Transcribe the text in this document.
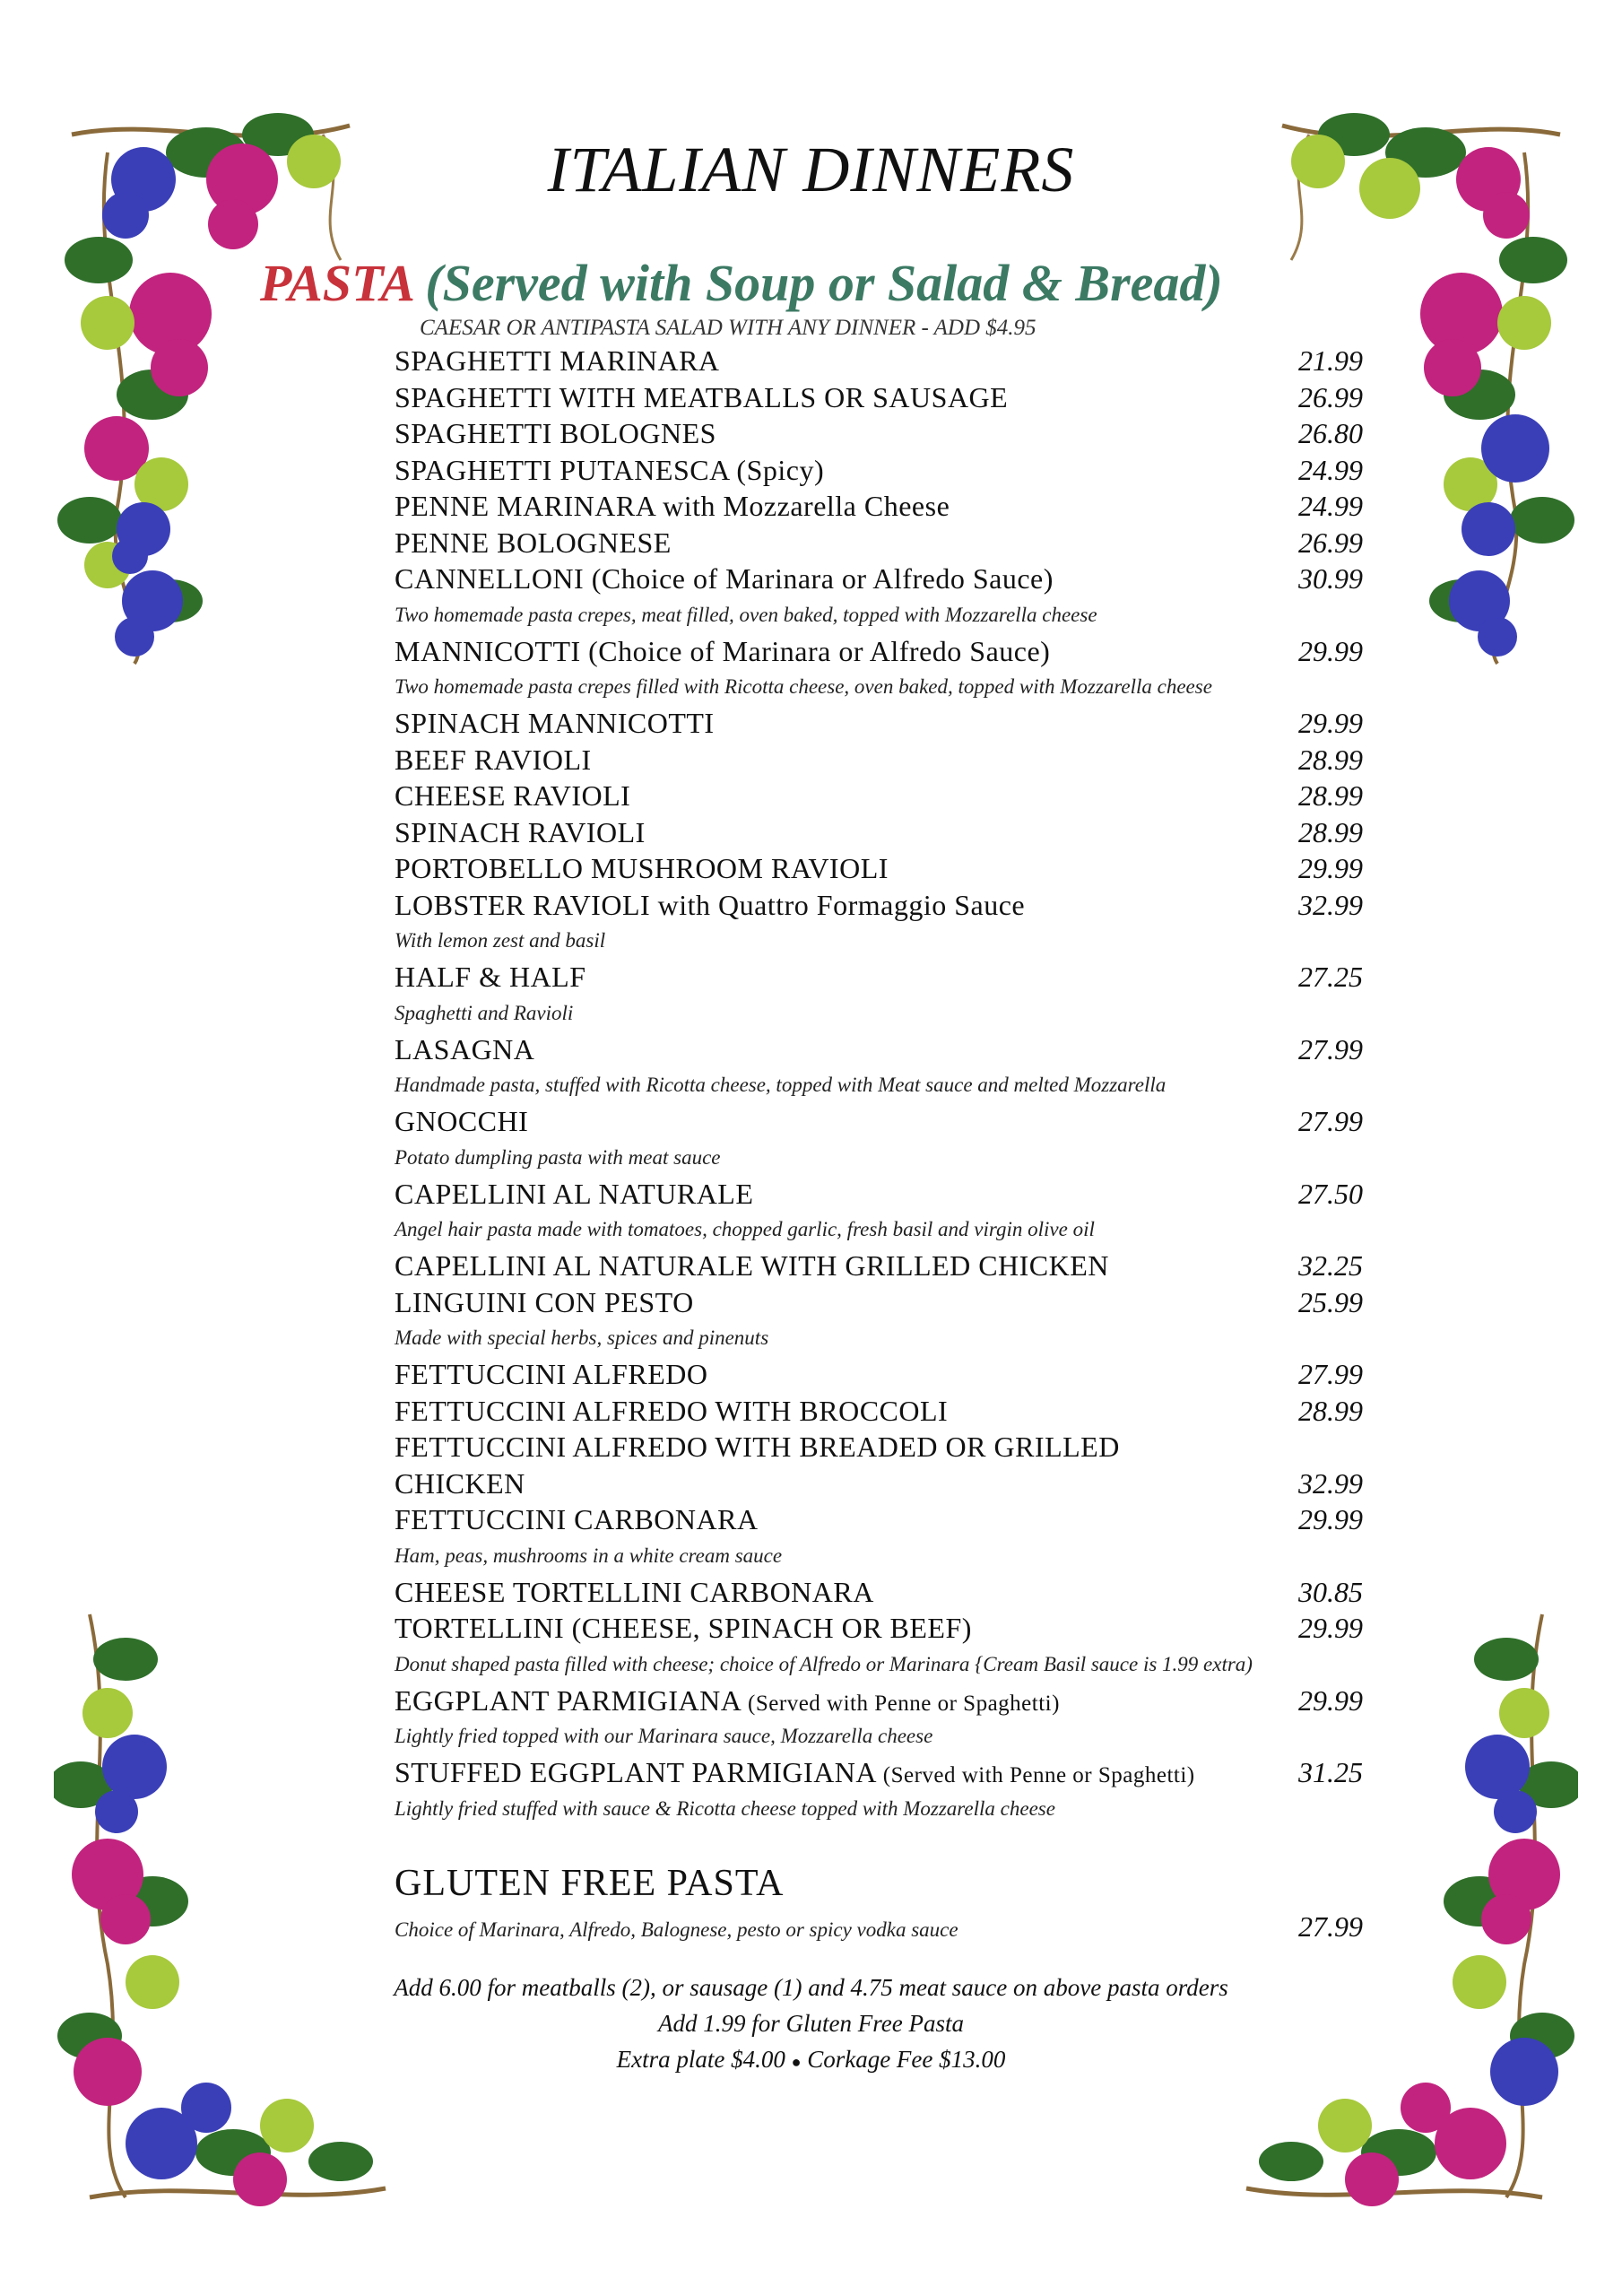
ITALIAN DINNERS
PASTA (Served with Soup or Salad & Bread)
CAESAR OR ANTIPASTA SALAD WITH ANY DINNER - ADD $4.95
SPAGHETTI MARINARA	21.99
SPAGHETTI WITH MEATBALLS OR SAUSAGE	26.99
SPAGHETTI BOLOGNES	26.80
SPAGHETTI PUTANESCA (Spicy)	24.99
PENNE MARINARA with Mozzarella Cheese	24.99
PENNE BOLOGNESE	26.99
CANNELLONI (Choice of Marinara or Alfredo Sauce)	30.99
Two homemade pasta crepes, meat filled, oven baked, topped with Mozzarella cheese
MANNICOTTI (Choice of Marinara or Alfredo Sauce)	29.99
Two homemade pasta crepes filled with Ricotta cheese, oven baked, topped with Mozzarella cheese
SPINACH MANNICOTTI	29.99
BEEF RAVIOLI	28.99
CHEESE RAVIOLI	28.99
SPINACH RAVIOLI	28.99
PORTOBELLO MUSHROOM RAVIOLI	29.99
LOBSTER RAVIOLI with Quattro Formaggio Sauce	32.99
With lemon zest and basil
HALF & HALF	27.25
Spaghetti and Ravioli
LASAGNA	27.99
Handmade pasta, stuffed with Ricotta cheese, topped with Meat sauce and melted Mozzarella
GNOCCHI	27.99
Potato dumpling pasta with meat sauce
CAPELLINI AL NATURALE	27.50
Angel hair pasta made with tomatoes, chopped garlic, fresh basil and virgin olive oil
CAPELLINI AL NATURALE WITH GRILLED CHICKEN	32.25
LINGUINI CON PESTO	25.99
Made with special herbs, spices and pinenuts
FETTUCCINI ALFREDO	27.99
FETTUCCINI ALFREDO WITH BROCCOLI	28.99
FETTUCCINI ALFREDO WITH BREADED OR GRILLED CHICKEN	32.99
FETTUCCINI CARBONARA	29.99
Ham, peas, mushrooms in a white cream sauce
CHEESE TORTELLINI CARBONARA	30.85
TORTELLINI (CHEESE, SPINACH OR BEEF)	29.99
Donut shaped pasta filled with cheese; choice of Alfredo or Marinara {Cream Basil sauce is 1.99 extra)
EGGPLANT PARMIGIANA (Served with Penne or Spaghetti)	29.99
Lightly fried topped with our Marinara sauce, Mozzarella cheese
STUFFED EGGPLANT PARMIGIANA (Served with Penne or Spaghetti)	31.25
Lightly fried stuffed with sauce & Ricotta cheese topped with Mozzarella cheese
GLUTEN FREE PASTA
Choice of Marinara, Alfredo, Balognese, pesto or spicy vodka sauce	27.99
Add 6.00 for meatballs (2), or sausage (1) and 4.75 meat sauce on above pasta orders
Add 1.99 for Gluten Free Pasta
Extra plate $4.00 ● Corkage Fee $13.00
